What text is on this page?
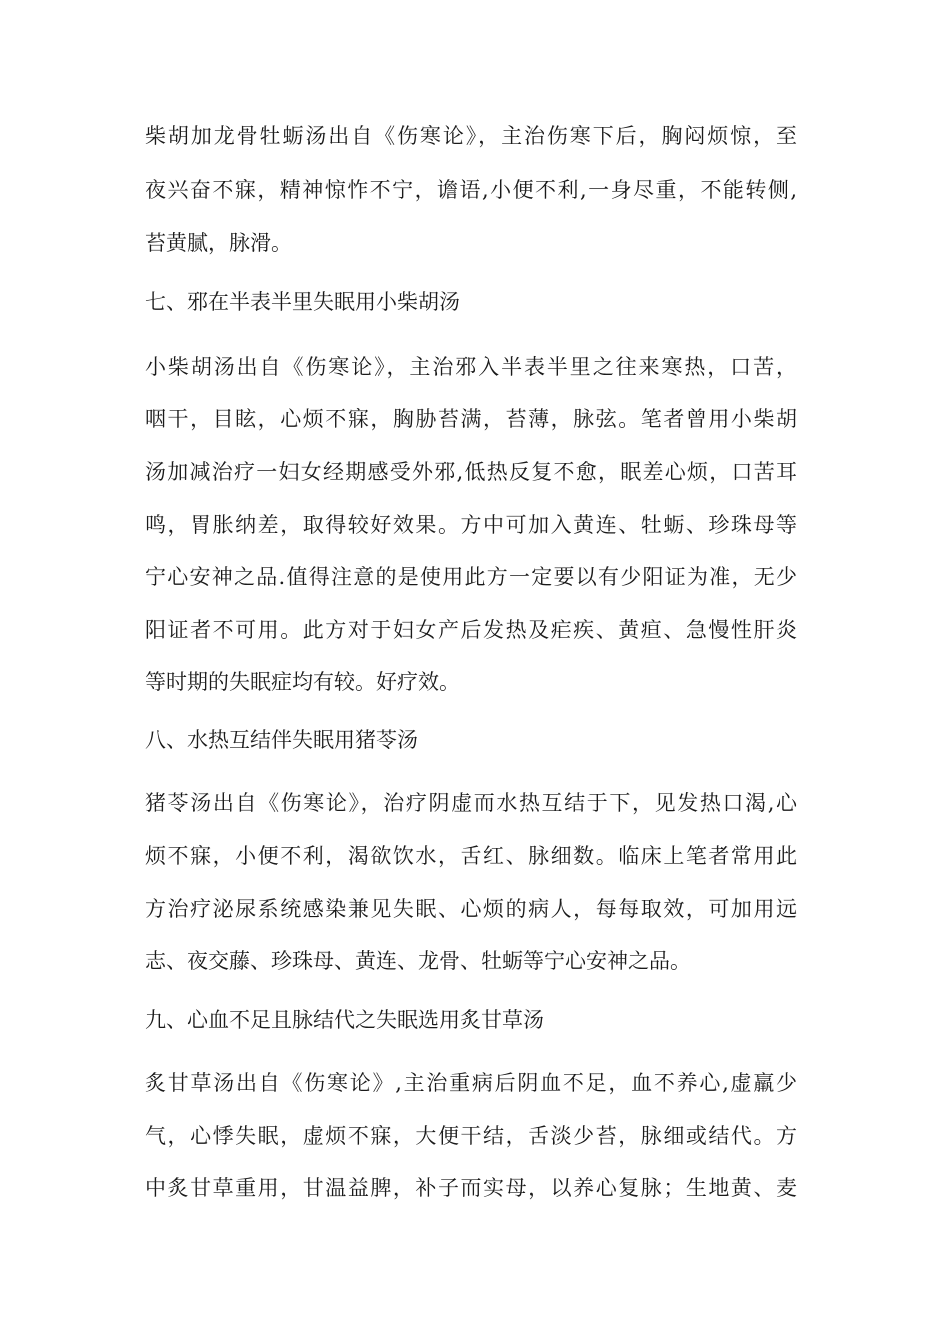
柴胡加龙骨牡蛎汤出自《伤寒论》，主治伤寒下后，胸闷烦惊，至

夜兴奋不寐，精神惊怍不宁，谵语,小便不利,一身尽重，不能转侧,

苔黄腻，脉滑。

七、邪在半表半里失眠用小柴胡汤

小柴胡汤出自《伤寒论》，主治邪入半表半里之往来寒热，口苦，

咽干，目眩，心烦不寐，胸胁苔满，苔薄，脉弦。笔者曾用小柴胡

汤加减治疗一妇女经期感受外邪,低热反复不愈，眠差心烦，口苦耳

鸣，胃胀纳差，取得较好效果。方中可加入黄连、牡蛎、珍珠母等

宁心安神之品.值得注意的是使用此方一定要以有少阳证为准，无少

阳证者不可用。此方对于妇女产后发热及疟疾、黄疸、急慢性肝炎

等时期的失眠症均有较。好疗效。

八、水热互结伴失眠用猪苓汤

猪苓汤出自《伤寒论》，治疗阴虚而水热互结于下，见发热口渴,心

烦不寐，小便不利，渴欲饮水，舌红、脉细数。临床上笔者常用此

方治疗泌尿系统感染兼见失眠、心烦的病人，每每取效，可加用远

志、夜交藤、珍珠母、黄连、龙骨、牡蛎等宁心安神之品。

九、心血不足且脉结代之失眠选用炙甘草汤

炙甘草汤出自《伤寒论》,主治重病后阴血不足，血不养心,虚羸少

气，心悸失眠，虚烦不寐，大便干结，舌淡少苔，脉细或结代。方

中炙甘草重用，甘温益脾，补子而实母，以养心复脉；生地黄、麦
